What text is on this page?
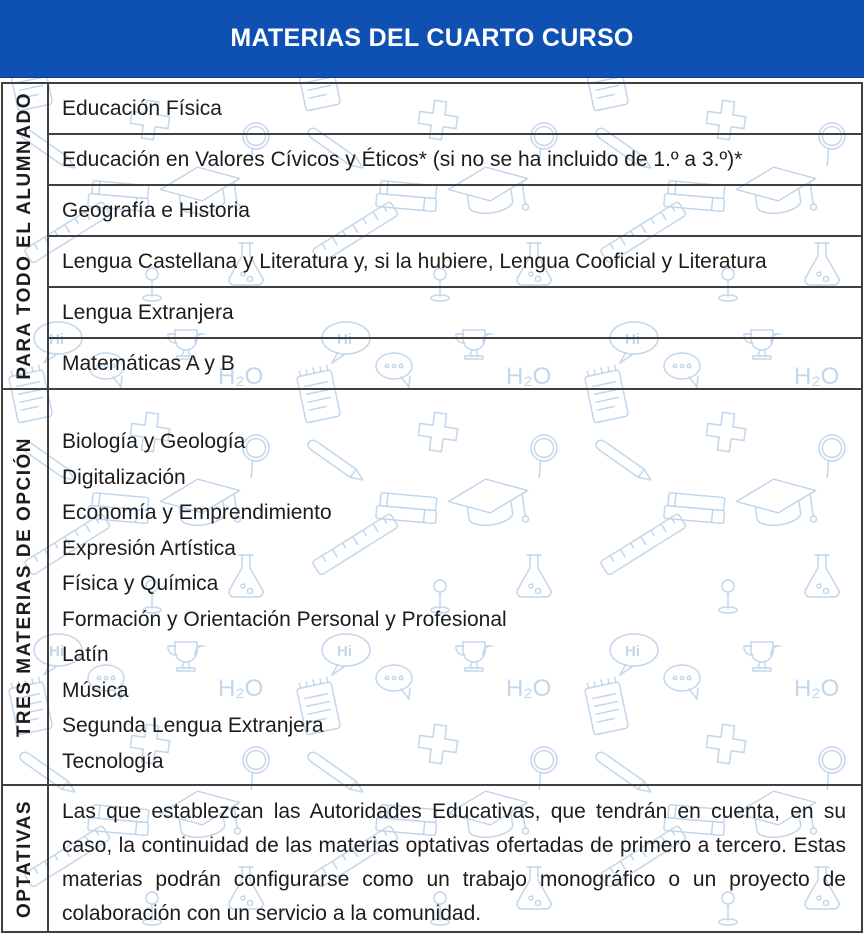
MATERIAS DEL CUARTO CURSO
PARA TODO EL ALUMNADO	Educación Física
Educación en Valores Cívicos y Éticos* (si no se ha incluido de 1.º a 3.º)*
Geografía e Historia
Lengua Castellana y Literatura y, si la hubiere, Lengua Cooficial y Literatura
Lengua Extranjera
Matemáticas A y B
TRES MATERIAS DE OPCIÓN Biología y Geología
Digitalización
Economía y Emprendimiento
Expresión Artística
Física y Química
Formación y Orientación Personal y Profesional
Latín
Música
Segunda Lengua Extranjera
Tecnología
OPTATIVAS	Las que establezcan las Autoridades Educativas, que tendrán en cuenta, en su caso, la continuidad de las materias optativas ofertadas de primero a tercero. Estas materias podrán configurarse como un trabajo monográfico o un proyecto de colaboración con un servicio a la comunidad.
